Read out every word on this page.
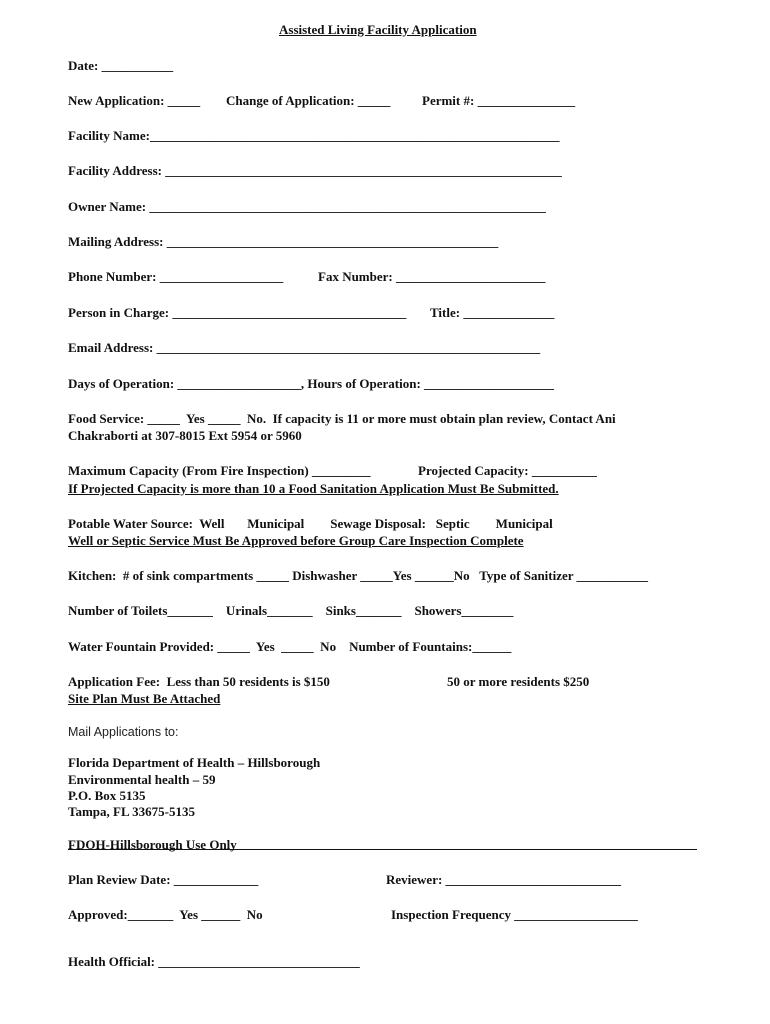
Assisted Living Facility Application
Date: ___________
New Application: _____ Change of Application: _____ Permit #: _______________
Facility Name:_______________________________________________________________
Facility Address: _____________________________________________________________
Owner Name: _____________________________________________________________
Mailing Address: ___________________________________________________
Phone Number: ___________________	Fax Number: _______________________
Person in Charge: ____________________________________ Title: ______________
Email Address: ___________________________________________________________
Days of Operation: ___________________, Hours of Operation: ____________________
Food Service: _____  Yes _____  No.  If capacity is 11 or more must obtain plan review, Contact Ani
Chakraborti at 307-8015 Ext 5954 or 5960
Maximum Capacity (From Fire Inspection) _________	Projected Capacity: __________
If Projected Capacity is more than 10 a Food Sanitation Application Must Be Submitted.
Potable Water Source:  Well       Municipal        Sewage Disposal:   Septic        Municipal
Well or Septic Service Must Be Approved before Group Care Inspection Complete
Kitchen:  # of sink compartments _____ Dishwasher _____Yes ______No   Type of Sanitizer ___________
Number of Toilets_______    Urinals_______    Sinks_______    Showers________
Water Fountain Provided: _____  Yes  _____  No    Number of Fountains:______
Application Fee:  Less than 50 residents is $150	50 or more residents $250
Site Plan Must Be Attached
Mail Applications to:
Florida Department of Health – Hillsborough
Environmental health – 59
P.O. Box 5135
Tampa, FL 33675-5135
FDOH-Hillsborough Use Only
Plan Review Date: _____________	Reviewer: ___________________________
Approved:_______  Yes ______  No	Inspection Frequency ___________________
Health Official: _______________________________
